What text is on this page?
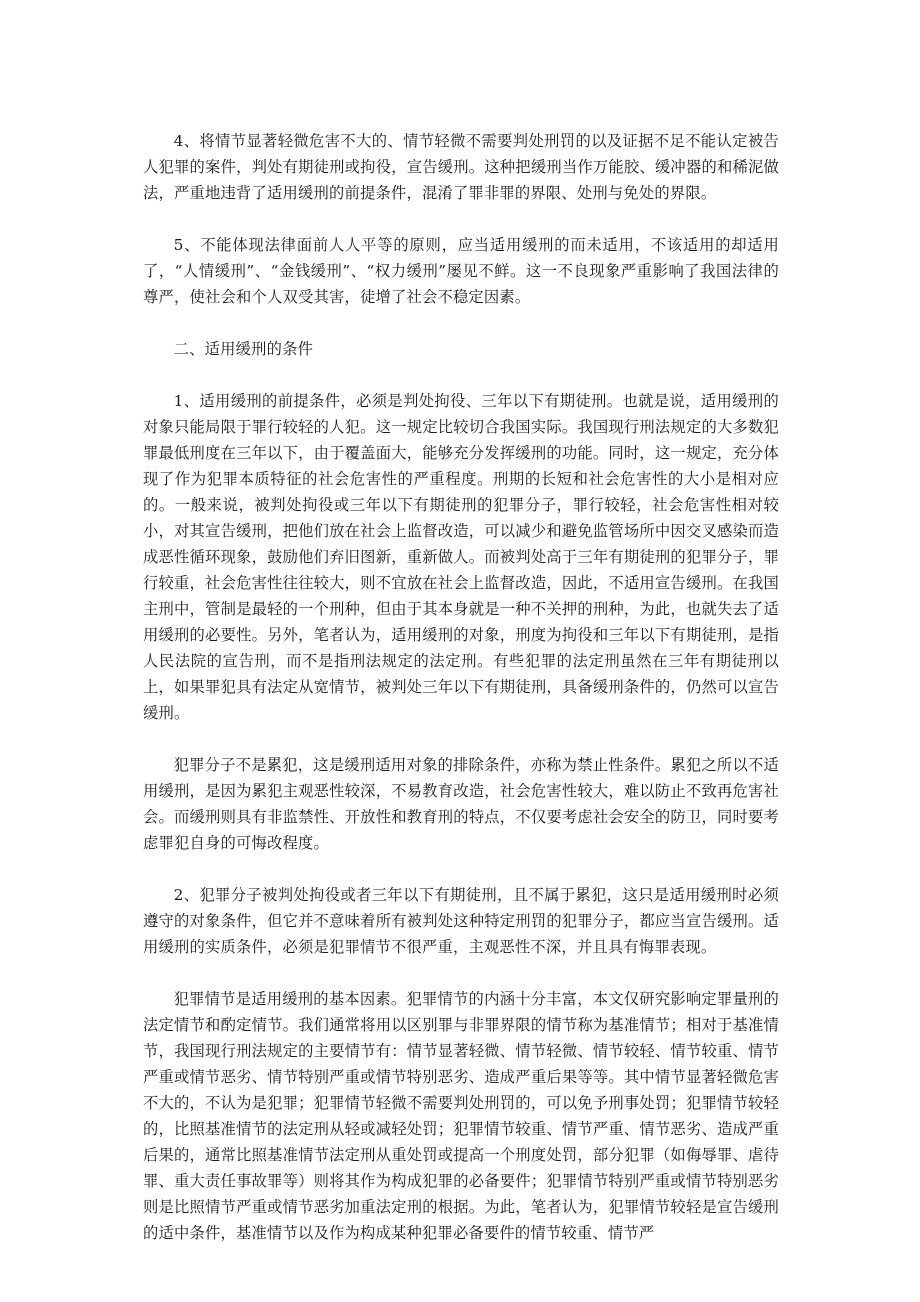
4、将情节显著轻微危害不大的、情节轻微不需要判处刑罚的以及证据不足不能认定被告人犯罪的案件，判处有期徒刑或拘役，宣告缓刑。这种把缓刑当作万能胶、缓冲器的和稀泥做法，严重地违背了适用缓刑的前提条件，混淆了罪非罪的界限、处刑与免处的界限。

5、不能体现法律面前人人平等的原则，应当适用缓刑的而未适用，不该适用的却适用了，“人情缓刑”、“金钱缓刑”、“权力缓刑”屡见不鲜。这一不良现象严重影响了我国法律的尊严，使社会和个人双受其害，徒增了社会不稳定因素。

二、适用缓刑的条件

1、适用缓刑的前提条件，必须是判处拘役、三年以下有期徒刑。也就是说，适用缓刑的对象只能局限于罪行较轻的人犯。这一规定比较切合我国实际。我国现行刑法规定的大多数犯罪最低刑度在三年以下，由于覆盖面大，能够充分发挥缓刑的功能。同时，这一规定，充分体现了作为犯罪本质特征的社会危害性的严重程度。刑期的长短和社会危害性的大小是相对应的。一般来说，被判处拘役或三年以下有期徒刑的犯罪分子，罪行较轻，社会危害性相对较小，对其宣告缓刑，把他们放在社会上监督改造，可以减少和避免监管场所中因交叉感染而造成恶性循环现象，鼓励他们弃旧图新，重新做人。而被判处高于三年有期徒刑的犯罪分子，罪行较重，社会危害性往往较大，则不宜放在社会上监督改造，因此，不适用宣告缓刑。在我国主刑中，管制是最轻的一个刑种，但由于其本身就是一种不关押的刑种，为此，也就失去了适用缓刑的必要性。另外，笔者认为，适用缓刑的对象，刑度为拘役和三年以下有期徒刑，是指人民法院的宣告刑，而不是指刑法规定的法定刑。有些犯罪的法定刑虽然在三年有期徒刑以上，如果罪犯具有法定从宽情节，被判处三年以下有期徒刑，具备缓刑条件的，仍然可以宣告缓刑。

犯罪分子不是累犯，这是缓刑适用对象的排除条件，亦称为禁止性条件。累犯之所以不适用缓刑，是因为累犯主观恶性较深，不易教育改造，社会危害性较大，难以防止不致再危害社会。而缓刑则具有非监禁性、开放性和教育刑的特点，不仅要考虑社会安全的防卫，同时要考虑罪犯自身的可悔改程度。

2、犯罪分子被判处拘役或者三年以下有期徒刑，且不属于累犯，这只是适用缓刑时必须遵守的对象条件，但它并不意味着所有被判处这种特定刑罚的犯罪分子，都应当宣告缓刑。适用缓刑的实质条件，必须是犯罪情节不很严重，主观恶性不深，并且具有悔罪表现。

犯罪情节是适用缓刑的基本因素。犯罪情节的内涵十分丰富，本文仅研究影响定罪量刑的法定情节和酌定情节。我们通常将用以区别罪与非罪界限的情节称为基准情节；相对于基准情节，我国现行刑法规定的主要情节有：情节显著轻微、情节轻微、情节较轻、情节较重、情节严重或情节恶劣、情节特别严重或情节特别恶劣、造成严重后果等等。其中情节显著轻微危害不大的，不认为是犯罪；犯罪情节轻微不需要判处刑罚的，可以免予刑事处罚；犯罪情节较轻的，比照基准情节的法定刑从轻或减轻处罚；犯罪情节较重、情节严重、情节恶劣、造成严重后果的，通常比照基准情节法定刑从重处罚或提高一个刑度处罚，部分犯罪（如侮辱罪、虐待罪、重大责任事故罪等）则将其作为构成犯罪的必备要件；犯罪情节特别严重或情节特别恶劣则是比照情节严重或情节恶劣加重法定刑的根据。为此，笔者认为，犯罪情节较轻是宣告缓刑的适中条件，基准情节以及作为构成某种犯罪必备要件的情节较重、情节严
